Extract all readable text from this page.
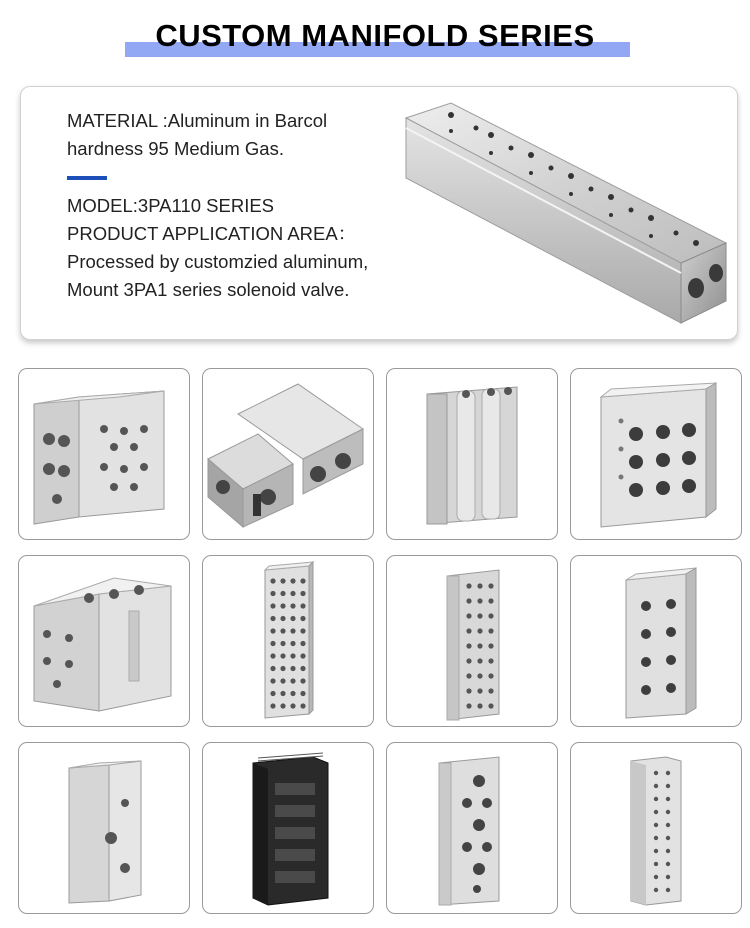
CUSTOM MANIFOLD SERIES
MATERIAL :Aluminum in Barcol
hardness 95 Medium Gas.
MODEL:3PA110 SERIES
PRODUCT APPLICATION AREA：
Processed by customzied aluminum,
Mount 3PA1 series solenoid valve.
